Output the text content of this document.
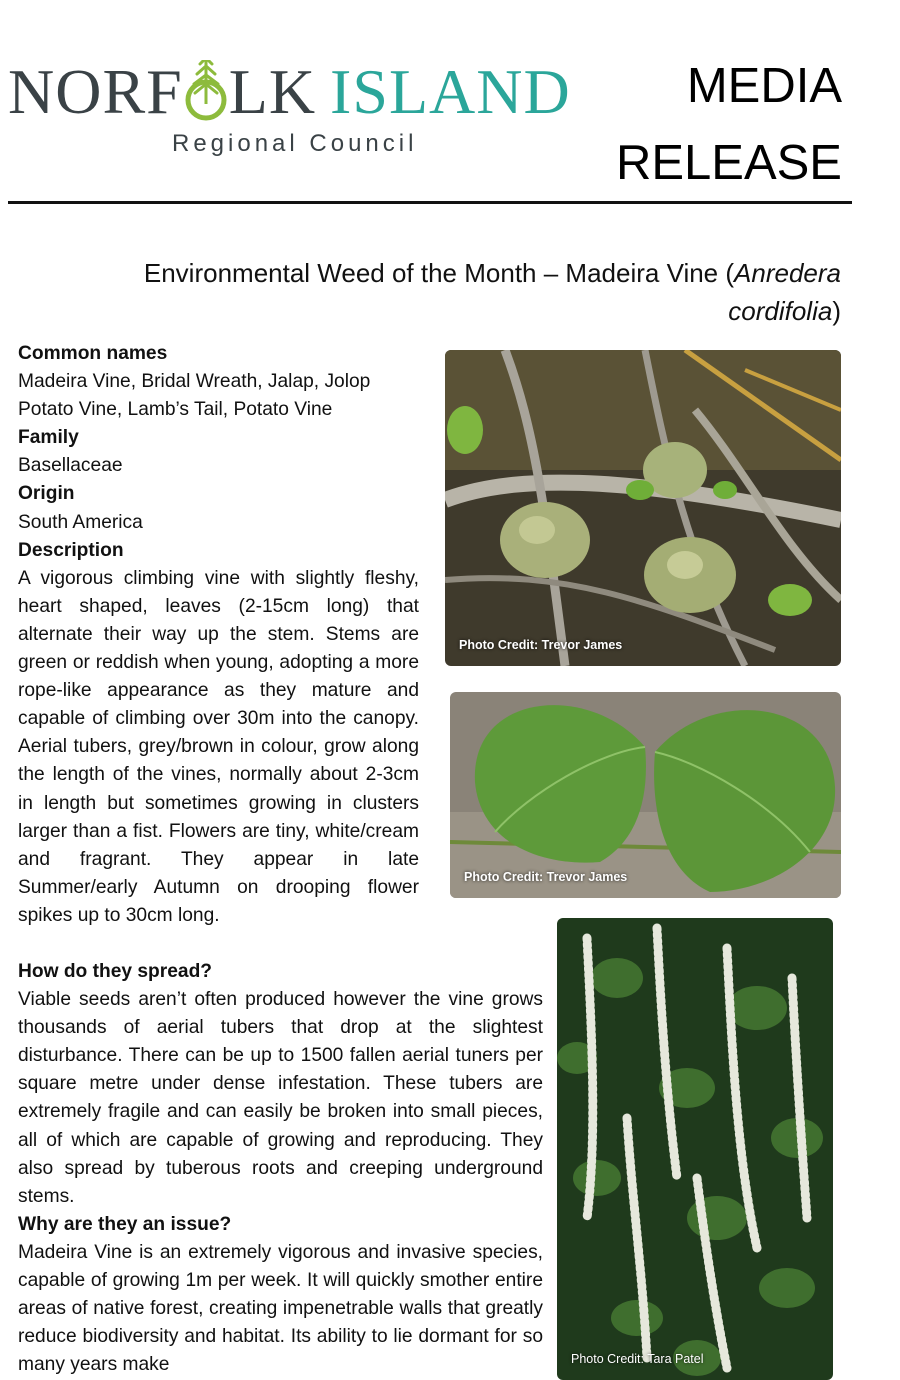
NORF LK ISLAND
Regional Council
MEDIA
RELEASE
Environmental Weed of the Month – Madeira Vine (Anredera cordifolia)

Common names

Madeira Vine, Bridal Wreath, Jalap, Jolop Potato Vine, Lamb’s Tail, Potato Vine

Family

Basellaceae

Origin

South America

Description

A vigorous climbing vine with slightly fleshy, heart shaped, leaves (2-15cm long) that alternate their way up the stem. Stems are green or reddish when young, adopting a more rope-like appearance as they mature and capable of climbing over 30m into the canopy. Aerial tubers, grey/brown in colour, grow along the length of the vines, normally about 2-3cm in length but sometimes growing in clusters larger than a fist. Flowers are tiny, white/cream and fragrant. They appear in late Summer/early Autumn on drooping flower spikes up to 30cm long.

How do they spread?

Viable seeds aren’t often produced however the vine grows thousands of aerial tubers that drop at the slightest disturbance. There can be up to 1500 fallen aerial tuners per square metre under dense infestation. These tubers are extremely fragile and can easily be broken into small pieces, all of which are capable of growing and reproducing. They also spread by tuberous roots and creeping underground stems.

Why are they an issue?

Madeira Vine is an extremely vigorous and invasive species, capable of growing 1m per week. It will quickly smother entire areas of native forest, creating impenetrable walls that greatly reduce biodiversity and habitat. Its ability to lie dormant for so many years make

Photo Credit: Trevor James
Photo Credit: Trevor James
Photo Credit: Tara Patel
